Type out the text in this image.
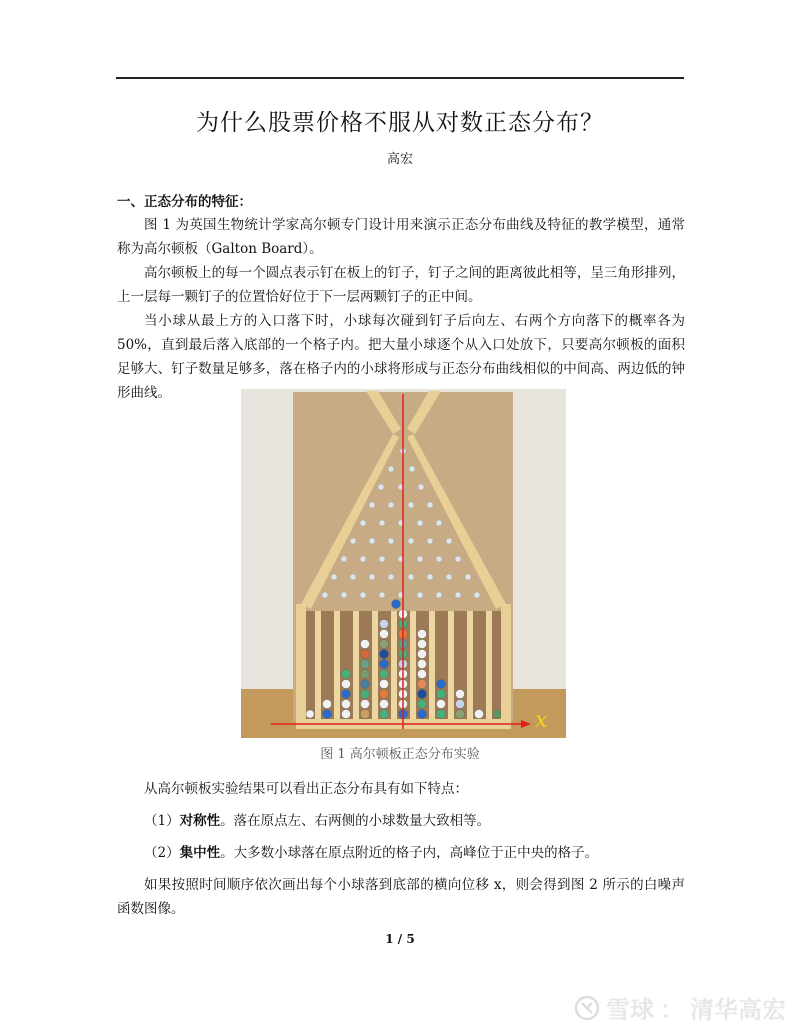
为什么股票价格不服从对数正态分布？
高宏
一、正态分布的特征：

图 1 为英国生物统计学家高尔顿专门设计用来演示正态分布曲线及特征的教学模型，通常称为高尔顿板（Galton Board）。

高尔顿板上的每一个圆点表示钉在板上的钉子，钉子之间的距离彼此相等，呈三角形排列，上一层每一颗钉子的位置恰好位于下一层两颗钉子的正中间。

当小球从最上方的入口落下时，小球每次碰到钉子后向左、右两个方向落下的概率各为 50%，直到最后落入底部的一个格子内。把大量小球逐个从入口处放下，只要高尔顿板的面积足够大、钉子数量足够多，落在格子内的小球将形成与正态分布曲线相似的中间高、两边低的钟形曲线。

x
图 1 高尔顿板正态分布实验

从高尔顿板实验结果可以看出正态分布具有如下特点：

（1）对称性。落在原点左、右两侧的小球数量大致相等。

（2）集中性。大多数小球落在原点附近的格子内，高峰位于正中央的格子。

如果按照时间顺序依次画出每个小球落到底部的横向位移 x，则会得到图 2 所示的白噪声函数图像。

1 / 5
雪球 ： 清华高宏
